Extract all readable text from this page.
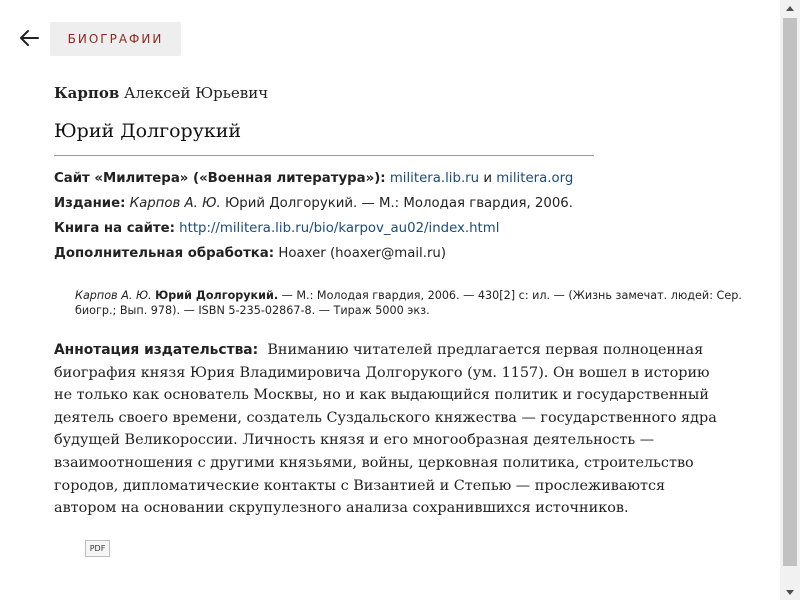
БИОГРАФИИ
Карпов Алексей Юрьевич
Юрий Долгорукий
Сайт «Милитера» («Военная литература»): militera.lib.ru и militera.org
Издание: Карпов А. Ю. Юрий Долгорукий. — М.: Молодая гвардия, 2006.
Книга на сайте: http://militera.lib.ru/bio/karpov_au02/index.html
Дополнительная обработка: Hoaxer (hoaxer@mail.ru)
Карпов А. Ю. Юрий Долгорукий. — М.: Молодая гвардия, 2006. — 430[2] с: ил. — (Жизнь замечат. людей: Сер. биогр.; Вып. 978). — ISBN 5-235-02867-8. — Тираж 5000 экз.
Аннотация издательства: Вниманию читателей предлагается первая полноценная биография князя Юрия Владимировича Долгорукого (ум. 1157). Он вошел в историю не только как основатель Москвы, но и как выдающийся политик и государственный деятель своего времени, создатель Суздальского княжества — государственного ядра будущей Великороссии. Личность князя и его многообразная деятельность — взаимоотношения с другими князьями, войны, церковная политика, строительство городов, дипломатические контакты с Византией и Степью — прослеживаются автором на основании скрупулезного анализа сохранившихся источников.
PDF
